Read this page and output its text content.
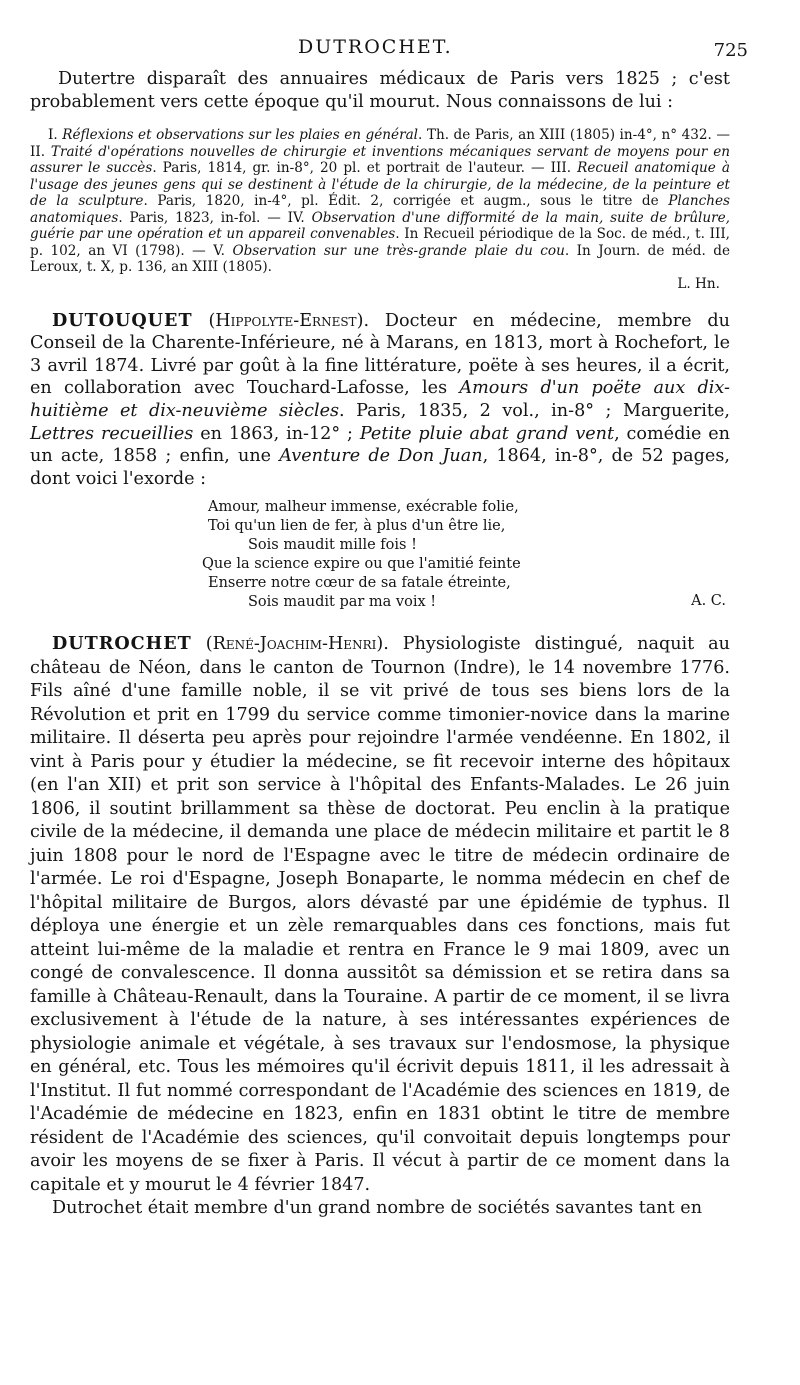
DUTROCHET.	725

Dutertre disparaît des annuaires médicaux de Paris vers 1825 ; c'est probablement vers cette époque qu'il mourut. Nous connaissons de lui :

I. Réflexions et observations sur les plaies en général. Th. de Paris, an XIII (1805) in-4°, n° 432. — II. Traité d'opérations nouvelles de chirurgie et inventions mécaniques servant de moyens pour en assurer le succès. Paris, 1814, gr. in-8°, 20 pl. et portrait de l'auteur. — III. Recueil anatomique à l'usage des jeunes gens qui se destinent à l'étude de la chirurgie, de la médecine, de la peinture et de la sculpture. Paris, 1820, in-4°, pl. Édit. 2, corrigée et augm., sous le titre de Planches anatomiques. Paris, 1823, in-fol. — IV. Observation d'une difformité de la main, suite de brûlure, guérie par une opération et un appareil convenables. In Recueil périodique de la Soc. de méd., t. III, p. 102, an VI (1798). — V. Observation sur une très-grande plaie du cou. In Journ. de méd. de Leroux, t. X, p. 136, an XIII (1805).

L. Hn.

DUTOUQUET (Hippolyte-Ernest). Docteur en médecine, membre du Conseil de la Charente-Inférieure, né à Marans, en 1813, mort à Rochefort, le 3 avril 1874. Livré par goût à la fine littérature, poëte à ses heures, il a écrit, en collaboration avec Touchard-Lafosse, les Amours d'un poëte aux dix-huitième et dix-neuvième siècles. Paris, 1835, 2 vol., in-8° ; Marguerite, Lettres recueillies en 1863, in-12° ; Petite pluie abat grand vent, comédie en un acte, 1858 ; enfin, une Aventure de Don Juan, 1864, in-8°, de 52 pages, dont voici l'exorde :

Amour, malheur immense, exécrable folie,
Toi qu'un lien de fer, à plus d'un être lie,
Sois maudit mille fois !
Que la science expire ou que l'amitié feinte
Enserre notre cœur de sa fatale étreinte,
Sois maudit par ma voix !	A. C.

DUTROCHET (René-Joachim-Henri). Physiologiste distingué, naquit au château de Néon, dans le canton de Tournon (Indre), le 14 novembre 1776. Fils aîné d'une famille noble, il se vit privé de tous ses biens lors de la Révolution et prit en 1799 du service comme timonier-novice dans la marine militaire. Il déserta peu après pour rejoindre l'armée vendéenne. En 1802, il vint à Paris pour y étudier la médecine, se fit recevoir interne des hôpitaux (en l'an XII) et prit son service à l'hôpital des Enfants-Malades. Le 26 juin 1806, il soutint brillamment sa thèse de doctorat. Peu enclin à la pratique civile de la médecine, il demanda une place de médecin militaire et partit le 8 juin 1808 pour le nord de l'Espagne avec le titre de médecin ordinaire de l'armée. Le roi d'Espagne, Joseph Bonaparte, le nomma médecin en chef de l'hôpital militaire de Burgos, alors dévasté par une épidémie de typhus. Il déploya une énergie et un zèle remarquables dans ces fonctions, mais fut atteint lui-même de la maladie et rentra en France le 9 mai 1809, avec un congé de convalescence. Il donna aussitôt sa démission et se retira dans sa famille à Château-Renault, dans la Touraine. A partir de ce moment, il se livra exclusivement à l'étude de la nature, à ses intéressantes expériences de physiologie animale et végétale, à ses travaux sur l'endosmose, la physique en général, etc. Tous les mémoires qu'il écrivit depuis 1811, il les adressait à l'Institut. Il fut nommé correspondant de l'Académie des sciences en 1819, de l'Académie de médecine en 1823, enfin en 1831 obtint le titre de membre résident de l'Académie des sciences, qu'il convoitait depuis longtemps pour avoir les moyens de se fixer à Paris. Il vécut à partir de ce moment dans la capitale et y mourut le 4 février 1847.

Dutrochet était membre d'un grand nombre de sociétés savantes tant en
